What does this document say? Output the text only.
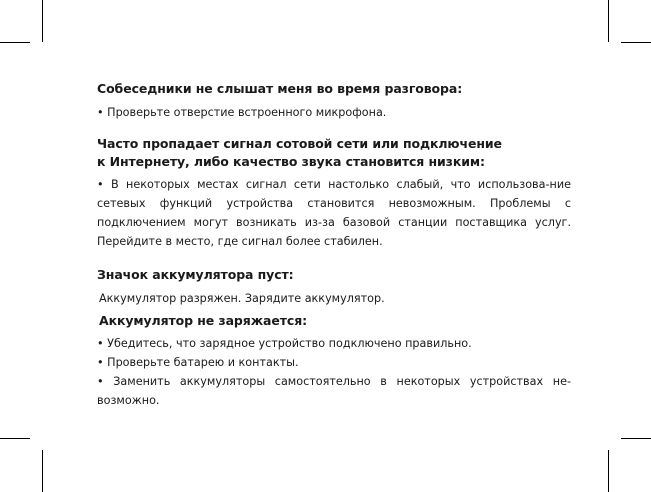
Собеседники не слышат меня во время разговора:

• Проверьте отверстие встроенного микрофона.

Часто пропадает сигнал сотовой сети или подключение
к Интернету, либо качество звука становится низким:

• В некоторых местах сигнал сети настолько слабый, что использова-ние сетевых функций устройства становится невозможным. Проблемы с подключением могут возникать из-за базовой станции поставщика услуг. Перейдите в место, где сигнал более стабилен.

Значок аккумулятора пуст:

Аккумулятор разряжен. Зарядите аккумулятор.

Аккумулятор не заряжается:

• Убедитесь, что зарядное устройство подключено правильно.

• Проверьте батарею и контакты.

• Заменить аккумуляторы самостоятельно в некоторых устройствах не-возможно.
